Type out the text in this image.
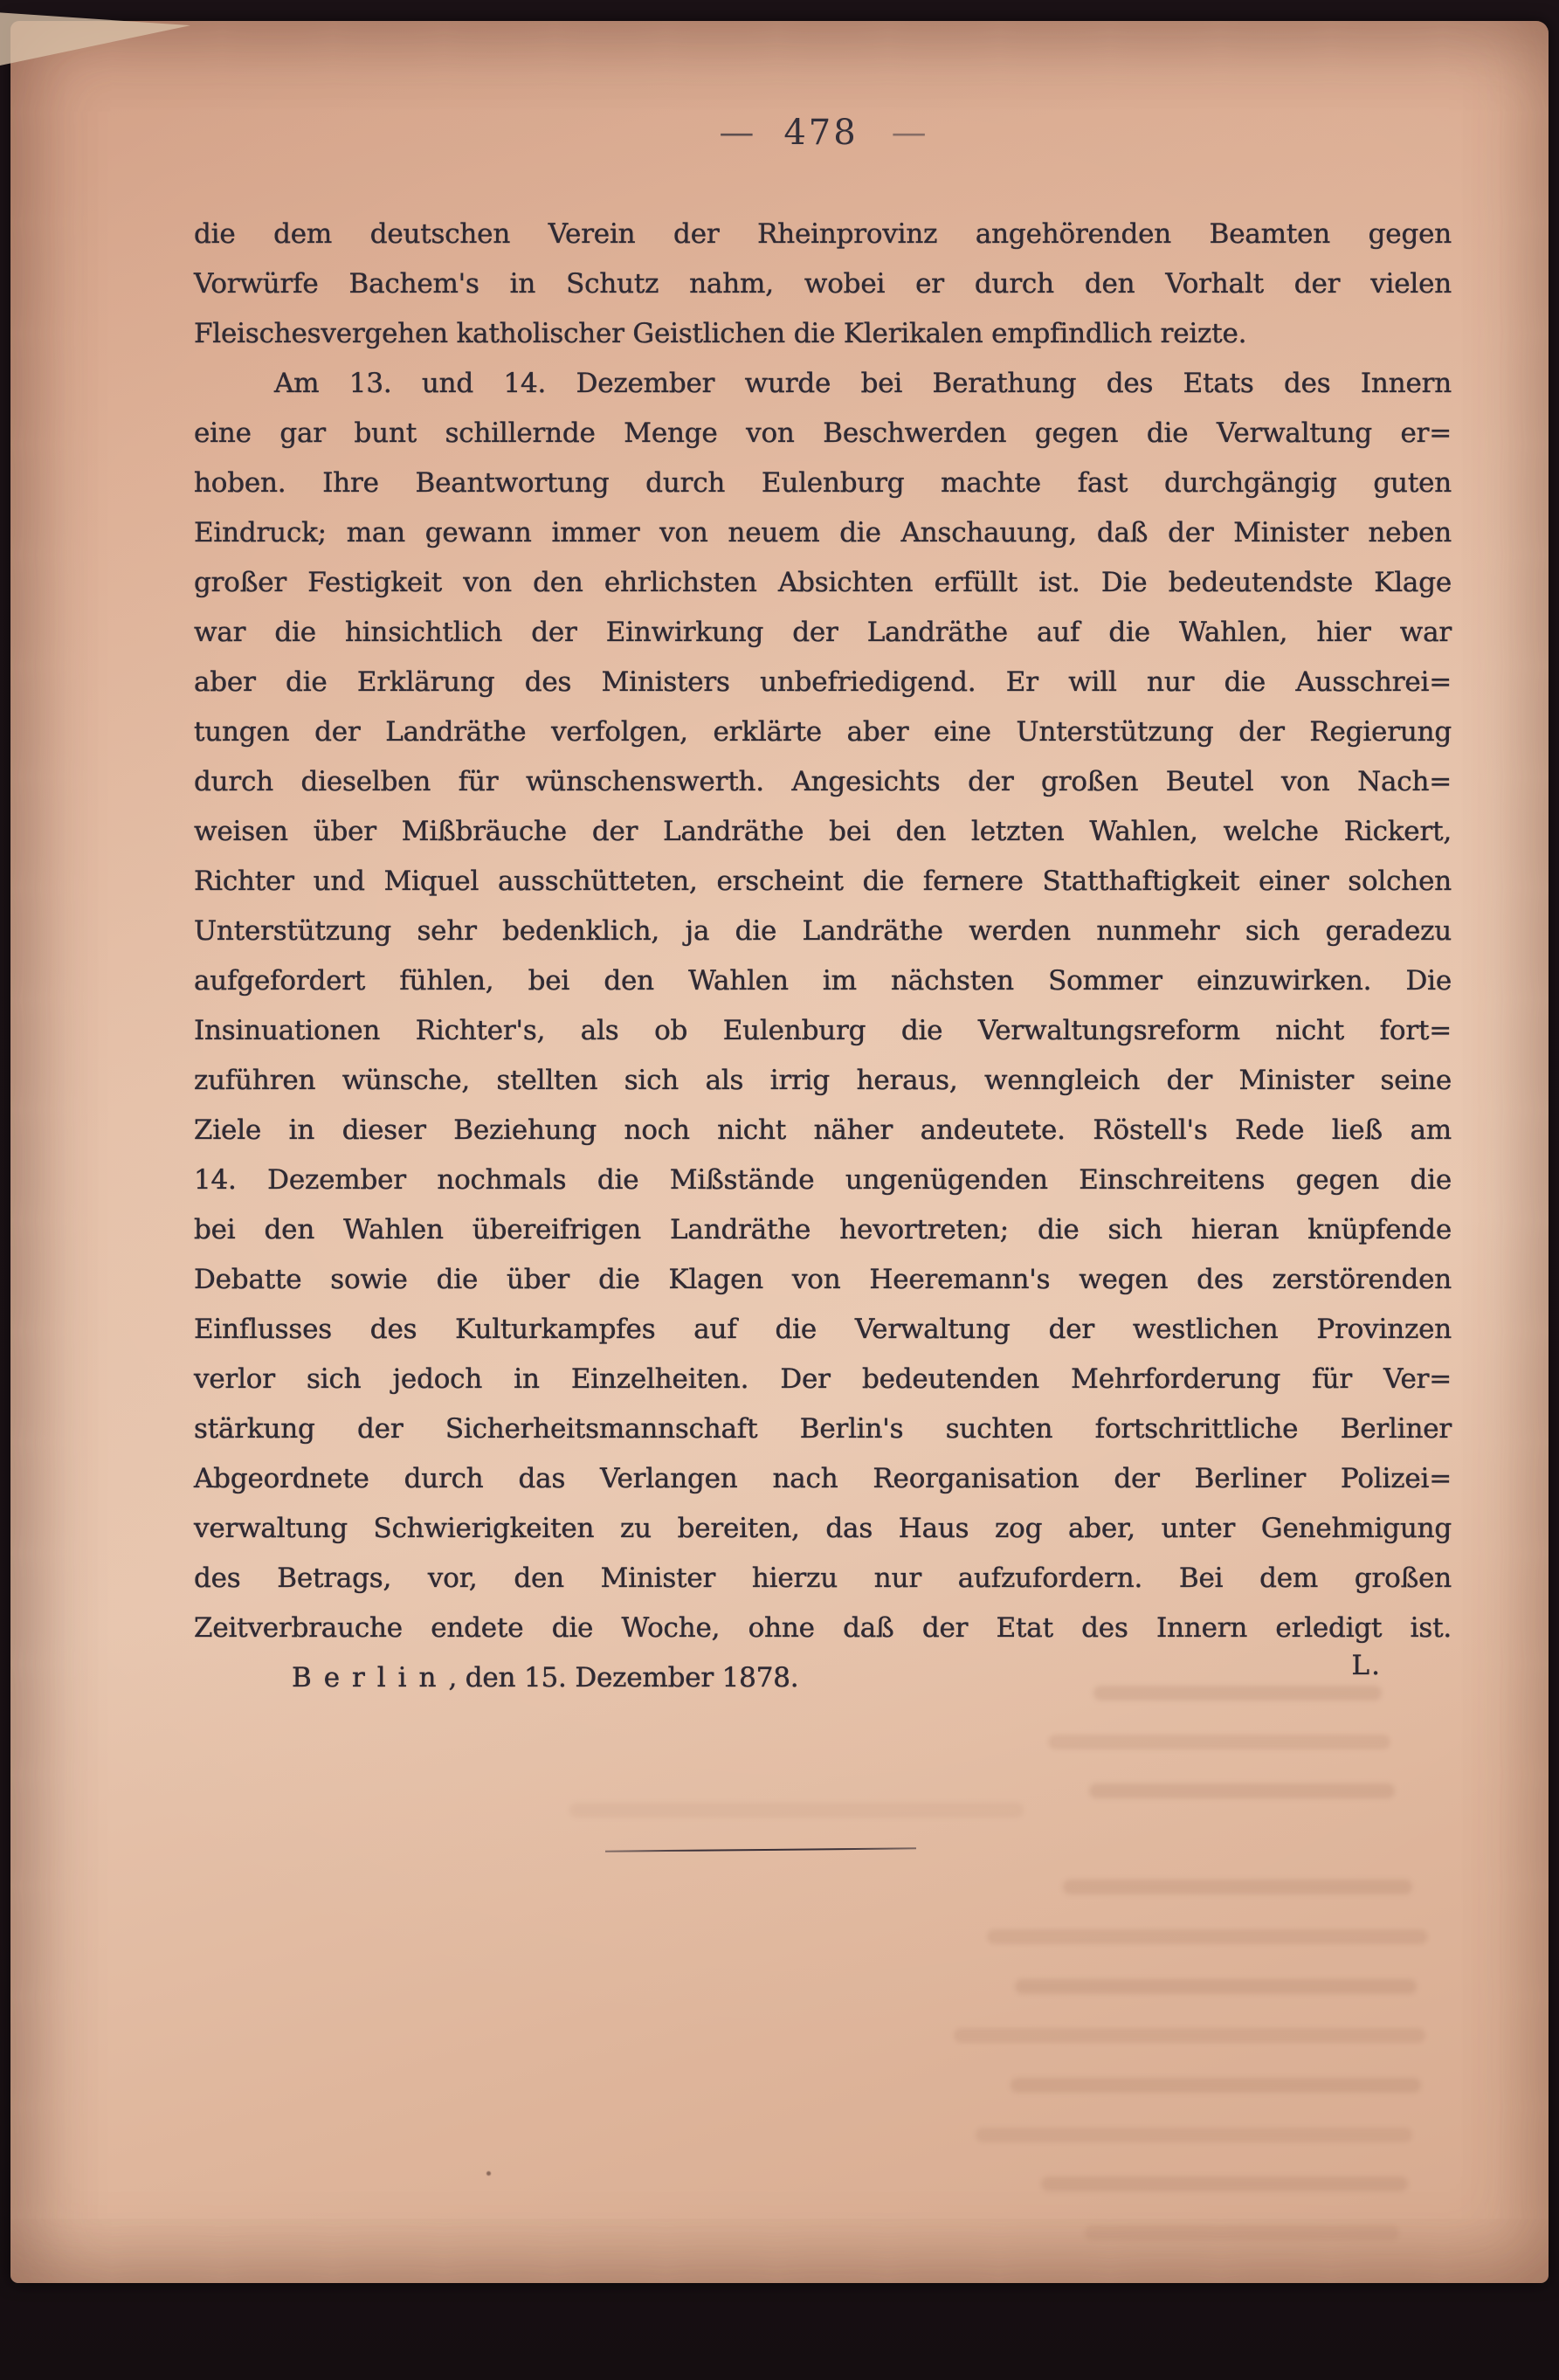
— 478 —
die dem deutschen Verein der Rheinprovinz angehörenden Beamten gegen
Vorwürfe Bachem's in Schutz nahm, wobei er durch den Vorhalt der vielen
Fleischesvergehen katholischer Geistlichen die Klerikalen empfindlich reizte.
Am 13. und 14. Dezember wurde bei Berathung des Etats des Innern
eine gar bunt schillernde Menge von Beschwerden gegen die Verwaltung er=
hoben. Ihre Beantwortung durch Eulenburg machte fast durchgängig guten
Eindruck; man gewann immer von neuem die Anschauung, daß der Minister neben
großer Festigkeit von den ehrlichsten Absichten erfüllt ist. Die bedeutendste Klage
war die hinsichtlich der Einwirkung der Landräthe auf die Wahlen, hier war
aber die Erklärung des Ministers unbefriedigend. Er will nur die Ausschrei=
tungen der Landräthe verfolgen, erklärte aber eine Unterstützung der Regierung
durch dieselben für wünschenswerth. Angesichts der großen Beutel von Nach=
weisen über Mißbräuche der Landräthe bei den letzten Wahlen, welche Rickert,
Richter und Miquel ausschütteten, erscheint die fernere Statthaftigkeit einer solchen
Unterstützung sehr bedenklich, ja die Landräthe werden nunmehr sich geradezu
aufgefordert fühlen, bei den Wahlen im nächsten Sommer einzuwirken. Die
Insinuationen Richter's, als ob Eulenburg die Verwaltungsreform nicht fort=
zuführen wünsche, stellten sich als irrig heraus, wenngleich der Minister seine
Ziele in dieser Beziehung noch nicht näher andeutete. Röstell's Rede ließ am
14. Dezember nochmals die Mißstände ungenügenden Einschreitens gegen die
bei den Wahlen übereifrigen Landräthe hevortreten; die sich hieran knüpfende
Debatte sowie die über die Klagen von Heeremann's wegen des zerstörenden
Einflusses des Kulturkampfes auf die Verwaltung der westlichen Provinzen
verlor sich jedoch in Einzelheiten. Der bedeutenden Mehrforderung für Ver=
stärkung der Sicherheitsmannschaft Berlin's suchten fortschrittliche Berliner
Abgeordnete durch das Verlangen nach Reorganisation der Berliner Polizei=
verwaltung Schwierigkeiten zu bereiten, das Haus zog aber, unter Genehmigung
des Betrags, vor, den Minister hierzu nur aufzufordern. Bei dem großen
Zeitverbrauche endete die Woche, ohne daß der Etat des Innern erledigt ist.
Berlin, den 15. Dezember 1878.	L.
